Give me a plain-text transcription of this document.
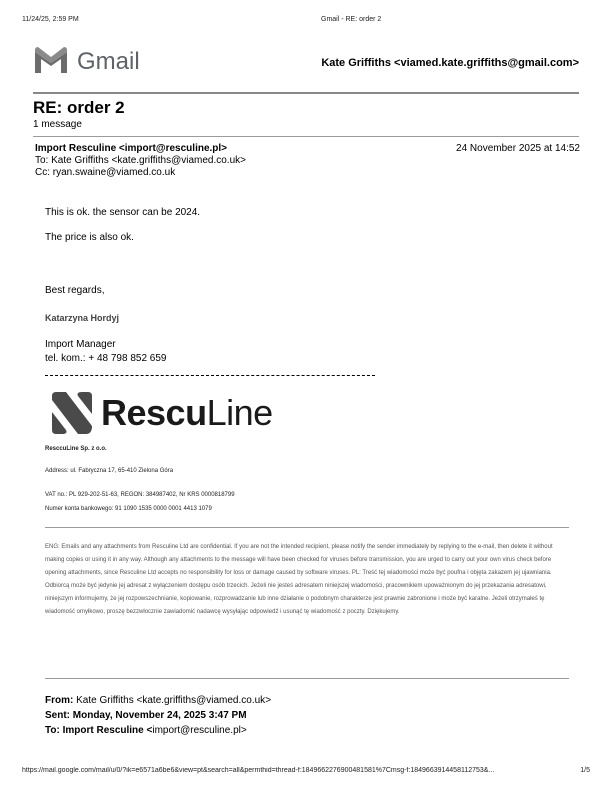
11/24/25, 2:59 PM	Gmail - RE: order 2
Gmail	Kate Griffiths <viamed.kate.griffiths@gmail.com>
RE: order 2
1 message
Import Resculine <import@resculine.pl>	24 November 2025 at 14:52
To: Kate Griffiths <kate.griffiths@viamed.co.uk>
Cc: ryan.swaine@viamed.co.uk
This is ok. the sensor can be 2024.
The price is also ok.
Best regards,
Katarzyna Hordyj
Import Manager
tel. kom.: + 48 798 852 659
RescuLine
ResccuLine Sp. z o.o.
Address: ul. Fabryczna 17, 65-410 Zielona Góra
VAT no.: PL 929-202-51-63, REGON: 384987402, Nr KRS 0000818799
Numer konta bankowego: 91 1090 1535 0000 0001 4413 1079
ENG: Emails and any attachments from Resculine Ltd are confidential. If you are not the intended recipient, please notify the sender immediately by replying to the e-mail, then delete it without making copies or using it in any way. Although any attachments to the message will have been checked for viruses before transmission, you are urged to carry out your own virus check before opening attachments, since Resculine Ltd accepts no responsibility for loss or damage caused by software viruses. PL: Treść tej wiadomości może być poufna i objęta zakazem jej ujawniania. Odbiorcą może być jedynie jej adresat z wyłączeniem dostępu osób trzecich. Jeżeli nie jesteś adresatem niniejszej wiadomości, pracownikiem upoważnionym do jej przekazania adresatowi, niniejszym informujemy, że jej rozpowszechnianie, kopiowanie, rozprowadzanie lub inne działanie o podobnym charakterze jest prawnie zabronione i może być karalne. Jeżeli otrzymałeś tę wiadomość omyłkowo, proszę bezzwłocznie zawiadomić nadawcę wysyłając odpowiedź i usunąć tę wiadomość z poczty. Dziękujemy.
From: Kate Griffiths <kate.griffiths@viamed.co.uk>
Sent: Monday, November 24, 2025 3:47 PM
To: Import Resculine <import@resculine.pl>
https://mail.google.com/mail/u/0/?ik=e6571a6be6&view=pt&search=all&permthid=thread-f:1849662276900481581%7Cmsg-f:1849663914458112753&...	1/5
